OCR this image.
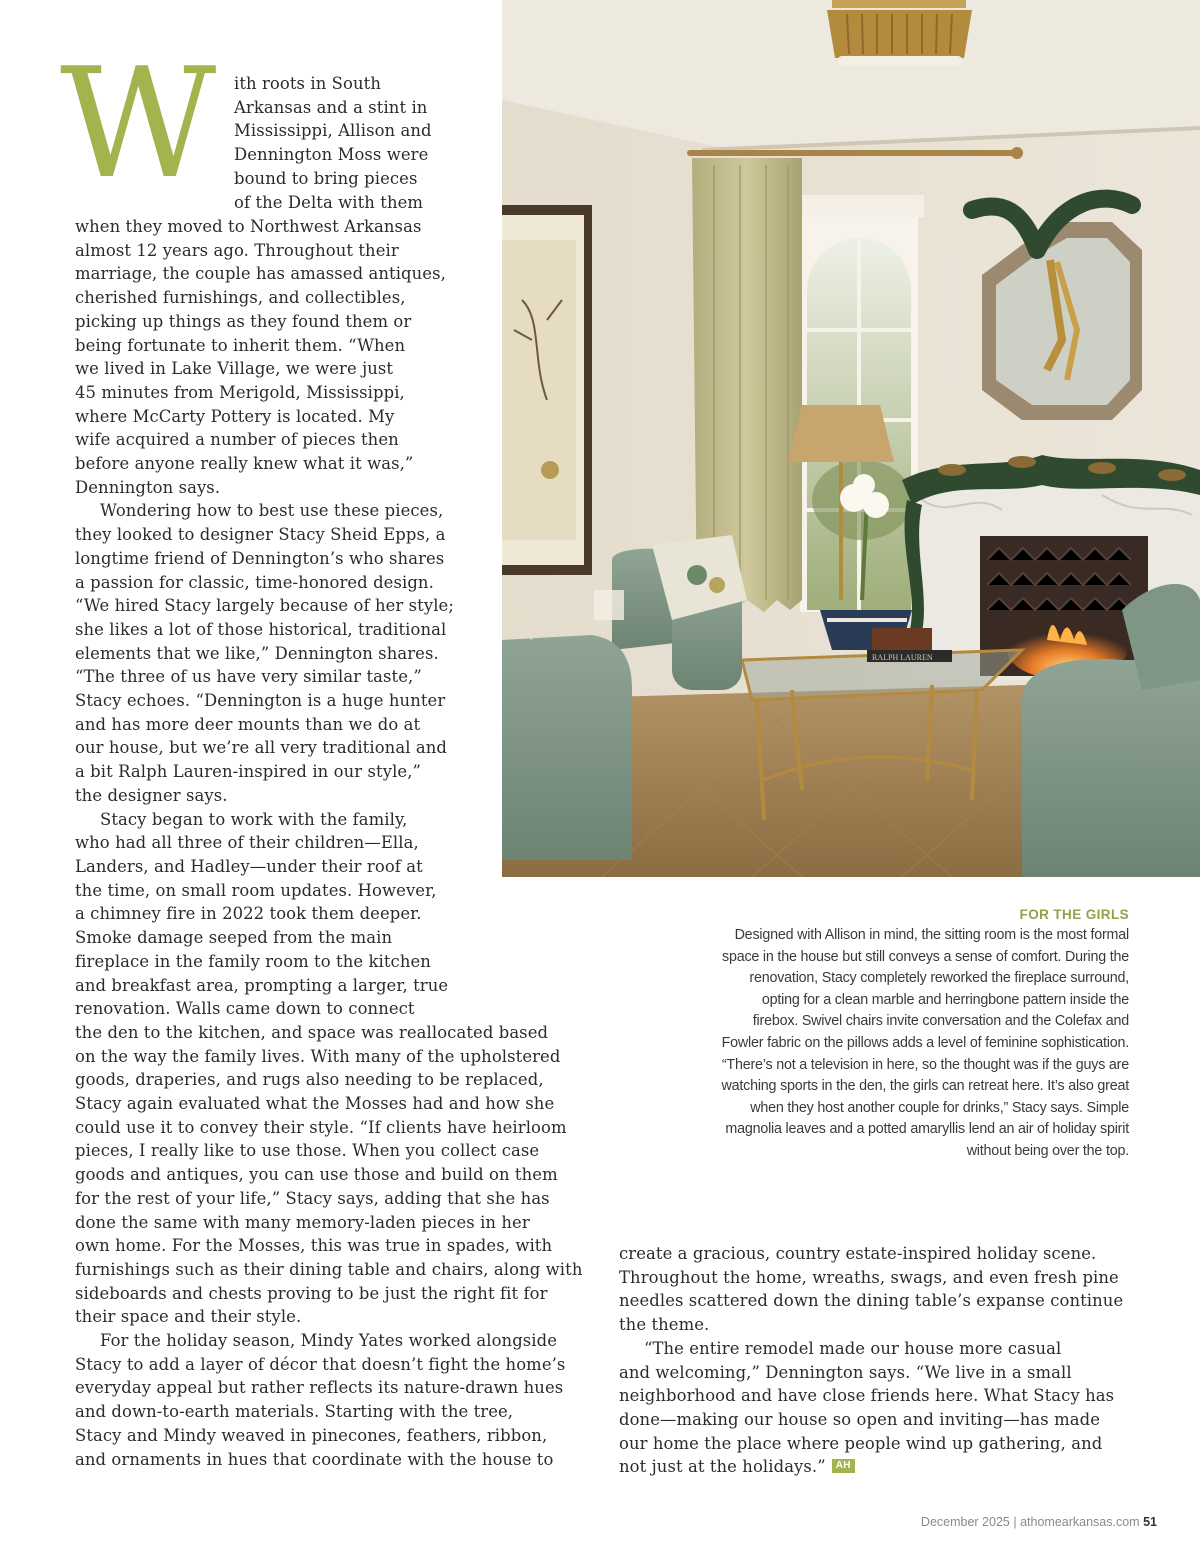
W ith roots in South
Arkansas and a stint in
Mississippi, Allison and
Dennington Moss were
bound to bring pieces
of the Delta with them
when they moved to Northwest Arkansas
almost 12 years ago. Throughout their
marriage, the couple has amassed antiques,
cherished furnishings, and collectibles,
picking up things as they found them or
being fortunate to inherit them. “When
we lived in Lake Village, we were just
45 minutes from Merigold, Mississippi,
where McCarty Pottery is located. My
wife acquired a number of pieces then
before anyone really knew what it was,”
Dennington says.
Wondering how to best use these pieces,
they looked to designer Stacy Sheid Epps, a
longtime friend of Dennington’s who shares
a passion for classic, time-honored design.
“We hired Stacy largely because of her style;
she likes a lot of those historical, traditional
elements that we like,” Dennington shares.
“The three of us have very similar taste,”
Stacy echoes. “Dennington is a huge hunter
and has more deer mounts than we do at
our house, but we’re all very traditional and
a bit Ralph Lauren-inspired in our style,”
the designer says.
Stacy began to work with the family,
who had all three of their children—Ella,
Landers, and Hadley—under their roof at
the time, on small room updates. However,
a chimney fire in 2022 took them deeper.
Smoke damage seeped from the main
fireplace in the family room to the kitchen
and breakfast area, prompting a larger, true
renovation. Walls came down to connect
the den to the kitchen, and space was reallocated based
on the way the family lives. With many of the upholstered
goods, draperies, and rugs also needing to be replaced,
Stacy again evaluated what the Mosses had and how she
could use it to convey their style. “If clients have heirloom
pieces, I really like to use those. When you collect case
goods and antiques, you can use those and build on them
for the rest of your life,” Stacy says, adding that she has
done the same with many memory-laden pieces in her
own home. For the Mosses, this was true in spades, with
furnishings such as their dining table and chairs, along with
sideboards and chests proving to be just the right fit for
their space and their style.
For the holiday season, Mindy Yates worked alongside
Stacy to add a layer of décor that doesn’t fight the home’s
everyday appeal but rather reflects its nature-drawn hues
and down-to-earth materials. Starting with the tree,
Stacy and Mindy weaved in pinecones, feathers, ribbon,
and ornaments in hues that coordinate with the house to
create a gracious, country estate-inspired holiday scene.
Throughout the home, wreaths, swags, and even fresh pine
needles scattered down the dining table’s expanse continue
the theme.
“The entire remodel made our house more casual
and welcoming,” Dennington says. “We live in a small
neighborhood and have close friends here. What Stacy has
done—making our house so open and inviting—has made
our home the place where people wind up gathering, and
not just at the holidays.” AH
RALPH LAUREN
FOR THE GIRLS
Designed with Allison in mind, the sitting room is the most formal
space in the house but still conveys a sense of comfort. During the
renovation, Stacy completely reworked the fireplace surround,
opting for a clean marble and herringbone pattern inside the
firebox. Swivel chairs invite conversation and the Colefax and
Fowler fabric on the pillows adds a level of feminine sophistication.
“There’s not a television in here, so the thought was if the guys are
watching sports in the den, the girls can retreat here. It’s also great
when they host another couple for drinks,” Stacy says. Simple
magnolia leaves and a potted amaryllis lend an air of holiday spirit
without being over the top.
December 2025 | athomearkansas.com 51
